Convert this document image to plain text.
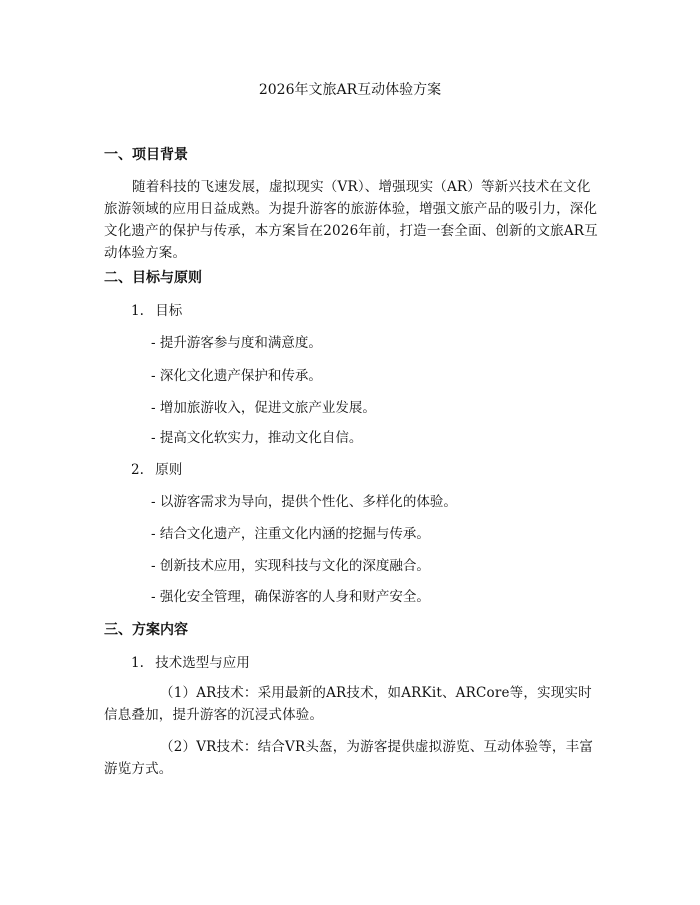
2026年文旅AR互动体验方案
一、项目背景
随着科技的飞速发展，虚拟现实（VR）、增强现实（AR）等新兴技术在文化旅游领域的应用日益成熟。为提升游客的旅游体验，增强文旅产品的吸引力，深化文化遗产的保护与传承，本方案旨在2026年前，打造一套全面、创新的文旅AR互动体验方案。
二、目标与原则
1. 目标
- 提升游客参与度和满意度。
- 深化文化遗产保护和传承。
- 增加旅游收入，促进文旅产业发展。
- 提高文化软实力，推动文化自信。
2. 原则
- 以游客需求为导向，提供个性化、多样化的体验。
- 结合文化遗产，注重文化内涵的挖掘与传承。
- 创新技术应用，实现科技与文化的深度融合。
- 强化安全管理，确保游客的人身和财产安全。
三、方案内容
1. 技术选型与应用
（1）AR技术：采用最新的AR技术，如ARKit、ARCore等，实现实时信息叠加，提升游客的沉浸式体验。
（2）VR技术：结合VR头盔，为游客提供虚拟游览、互动体验等，丰富游览方式。
